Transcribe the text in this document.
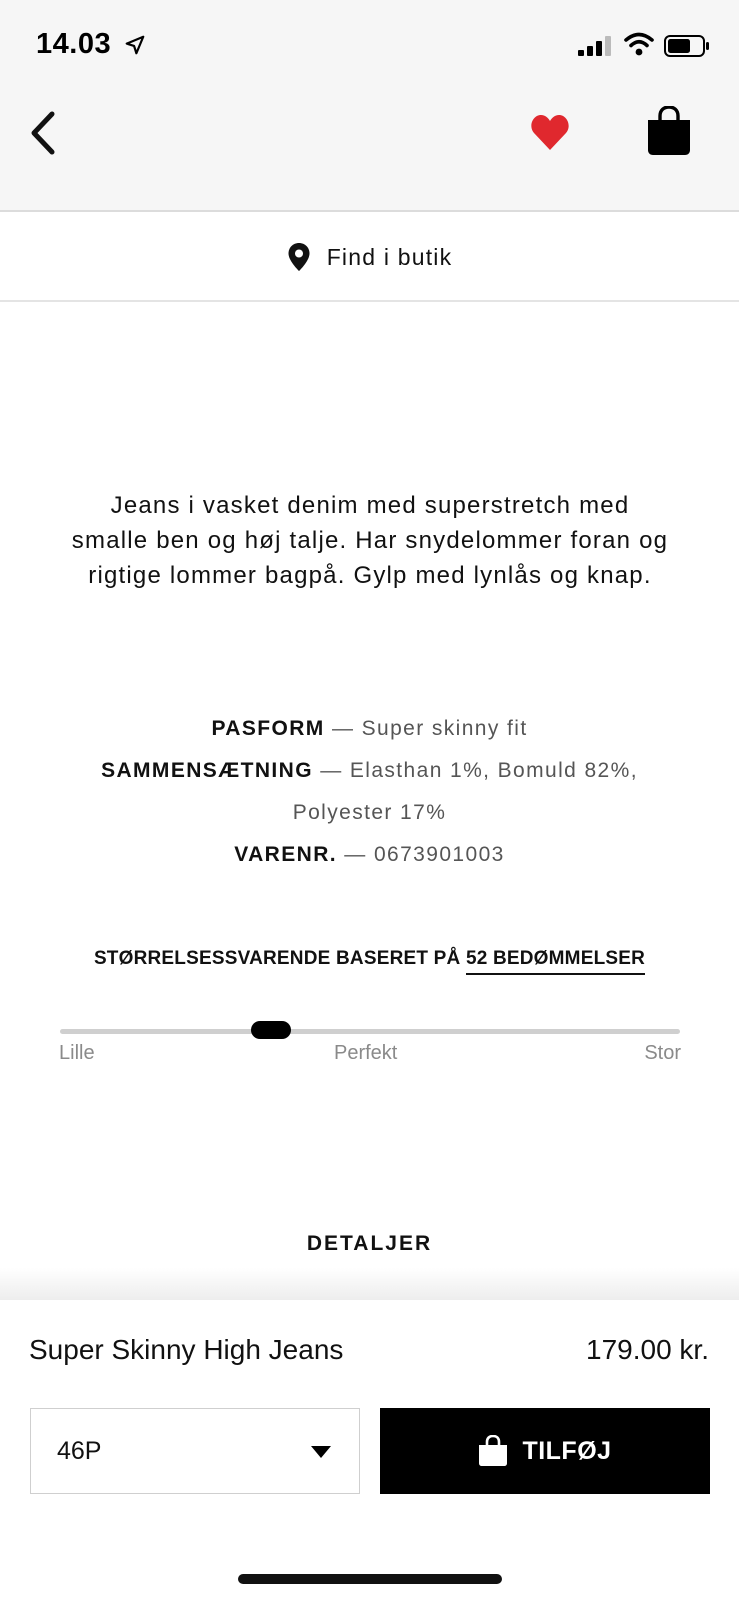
14.03
Find i butik

Jeans i vasket denim med superstretch med smalle ben og høj talje. Har snydelommer foran og rigtige lommer bagpå. Gylp med lynlås og knap.

PASFORM — Super skinny fit
SAMMENSÆTNING — Elasthan 1%, Bomuld 82%,
Polyester 17%
VARENR. — 0673901003
STØRRELSESSVARENDE BASERET PÅ 52 BEDØMMELSER
Lille	Perfekt	Stor
DETALJER
Super Skinny High Jeans	179.00 kr.
46P	TILFØJ
